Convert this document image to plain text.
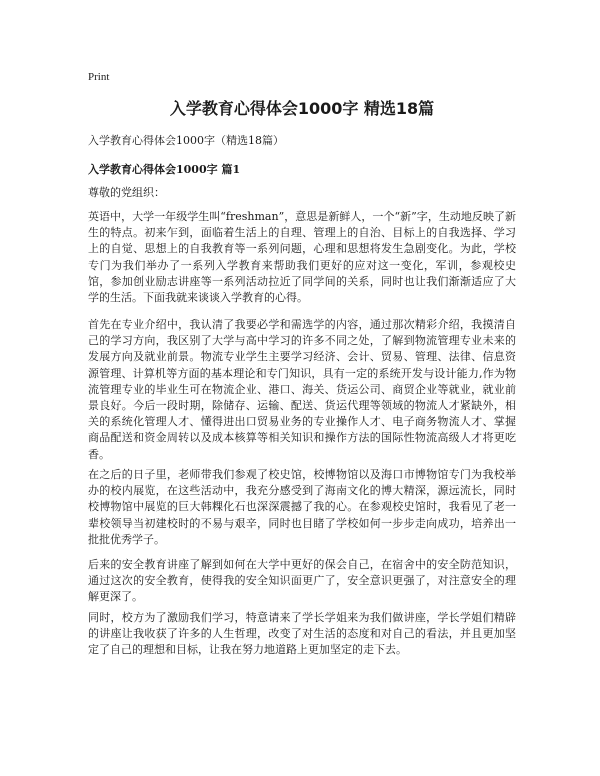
Print
入学教育心得体会1000字 精选18篇

入学教育心得体会1000字（精选18篇）

入学教育心得体会1000字 篇1

尊敬的党组织：

英语中，大学一年级学生叫“freshman”，意思是新鲜人，一个“新”字，生动地反映了新生的特点。初来乍到，面临着生活上的自理、管理上的自治、目标上的自我选择、学习上的自觉、思想上的自我教育等一系列问题，心理和思想将发生急剧变化。为此，学校专门为我们举办了一系列入学教育来帮助我们更好的应对这一变化，军训，参观校史馆，参加创业励志讲座等一系列活动拉近了同学间的关系，同时也让我们渐渐适应了大学的生活。下面我就来谈谈入学教育的心得。

首先在专业介绍中，我认清了我要必学和需选学的内容，通过那次精彩介绍，我摸清自己的学习方向，我区别了大学与高中学习的许多不同之处，了解到物流管理专业未来的发展方向及就业前景。物流专业学生主要学习经济、会计、贸易、管理、法律、信息资源管理、计算机等方面的基本理论和专门知识，具有一定的系统开发与设计能力,作为物流管理专业的毕业生可在物流企业、港口、海关、货运公司、商贸企业等就业，就业前景良好。今后一段时期，除储存、运输、配送、货运代理等领域的物流人才紧缺外，相关的系统化管理人才、懂得进出口贸易业务的专业操作人才、电子商务物流人才、掌握商品配送和资金周转以及成本核算等相关知识和操作方法的国际性物流高级人才将更吃香。

在之后的日子里，老师带我们参观了校史馆，校博物馆以及海口市博物馆专门为我校举办的校内展览，在这些活动中，我充分感受到了海南文化的博大精深，源远流长，同时校博物馆中展览的巨大韩粿化石也深深震撼了我的心。在参观校史馆时，我看见了老一辈校领导当初建校时的不易与艰辛，同时也目睹了学校如何一步步走向成功，培养出一批批优秀学子。

后来的安全教育讲座了解到如何在大学中更好的保会自己，在宿舍中的安全防范知识，通过这次的安全教育，使得我的安全知识面更广了，安全意识更强了，对注意安全的理解更深了。

同时，校方为了激励我们学习，特意请来了学长学姐来为我们做讲座，学长学姐们精辟的讲座让我收获了许多的人生哲理，改变了对生活的态度和对自己的看法，并且更加坚定了自己的理想和目标，让我在努力地道路上更加坚定的走下去。
